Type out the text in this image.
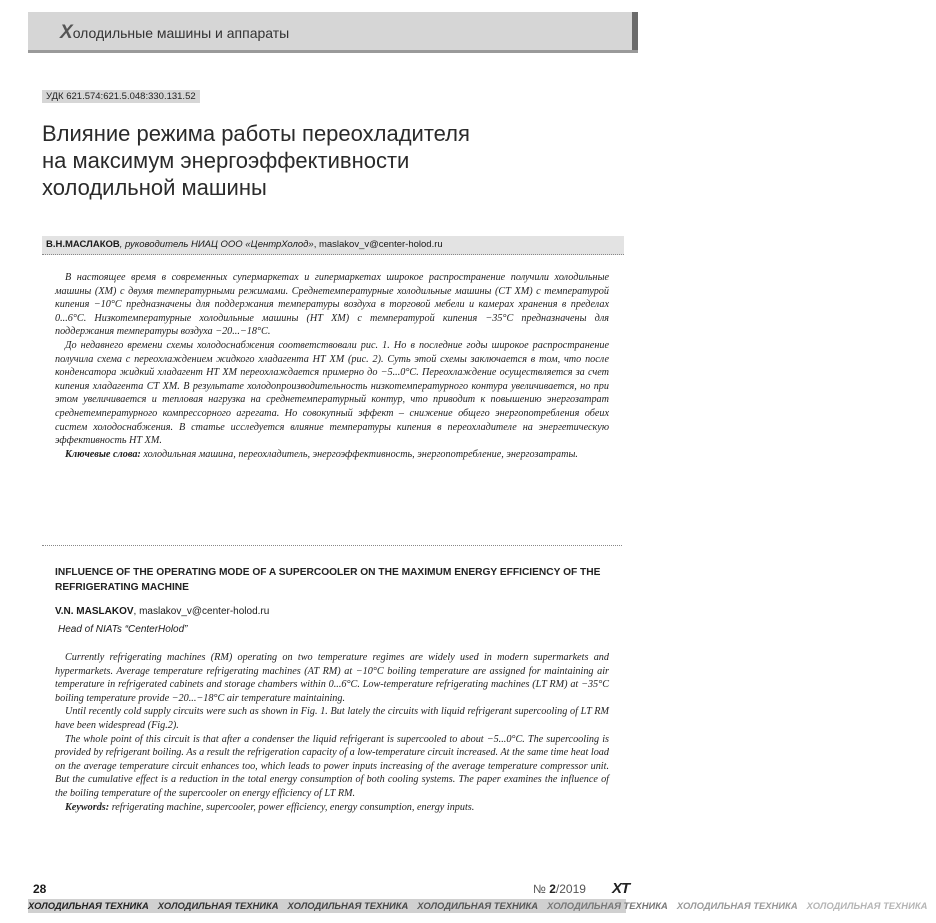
Холодильные машины и аппараты
УДК 621.574:621.5.048:330.131.52
Влияние режима работы переохладителя
на максимум энергоэффективности
холодильной машины
В.Н.МАСЛАКОВ, руководитель НИАЦ ООО «ЦентрХолод», maslakov_v@center-holod.ru

В настоящее время в современных супермаркетах и гипермаркетах широкое распространение получили холодильные машины (ХМ) с двумя температурными режимами. Среднетемпературные холодильные машины (СТ ХМ) с температурой кипения −10°С предназначены для поддержания температуры воздуха в торговой мебели и камерах хранения в пределах 0...6°С. Низкотемпературные холодильные машины (НТ ХМ) с температурой кипения −35°С предназначены для поддержания температуры воздуха −20...−18°С.

До недавнего времени схемы холодоснабжения соответствовали рис. 1. Но в последние годы широкое распространение получила схема с переохлаждением жидкого хладагента НТ ХМ (рис. 2). Суть этой схемы заключается в том, что после конденсатора жидкий хладагент НТ ХМ переохлаждается примерно до −5...0°С. Переохлаждение осуществляется за счет кипения хладагента СТ ХМ. В результате холодопроизводительность низкотемпературного контура увеличивается, но при этом увеличивается и тепловая нагрузка на среднетемпературный контур, что приводит к повышению энергозатрат среднетемпературного компрессорного агрегата. Но совокупный эффект – снижение общего энергопотребления обеих систем холодоснабжения. В статье исследуется влияние температуры кипения в переохладителе на энергетическую эффективность НТ ХМ.

Ключевые слова: холодильная машина, переохладитель, энергоэффективность, энергопотребление, энергозатраты.

INFLUENCE OF THE OPERATING MODE OF A SUPERCOOLER ON THE MAXIMUM ENERGY EFFICIENCY OF THE REFRIGERATING MACHINE
V.N. MASLAKOV, maslakov_v@center-holod.ru
Head of NIATs “CenterHolod”

Currently refrigerating machines (RM) operating on two temperature regimes are widely used in modern supermarkets and hypermarkets. Average temperature refrigerating machines (AT RM) at −10°C boiling temperature are assigned for maintaining air temperature in refrigerated cabinets and storage chambers within 0...6°C. Low-temperature refrigerating machines (LT RM) at −35°C boiling temperature provide −20...−18°C air temperature maintaining.

Until recently cold supply circuits were such as shown in Fig. 1. But lately the circuits with liquid refrigerant supercooling of LT RM have been widespread (Fig.2).

The whole point of this circuit is that after a condenser the liquid refrigerant is supercooled to about −5...0°C. The supercooling is provided by refrigerant boiling. As a result the refrigeration capacity of a low-temperature circuit increased. At the same time heat load on the average temperature circuit enhances too, which leads to power inputs increasing of the average temperature compressor unit. But the cumulative effect is a reduction in the total energy consumption of both cooling systems. The paper examines the influence of the boiling temperature of the supercooler on energy efficiency of LT RM.

Keywords: refrigerating machine, supercooler, power efficiency, energy consumption, energy inputs.

28	№ 2/2019 ХТ
ХОЛОДИЛЬНАЯ ТЕХНИКА ХОЛОДИЛЬНАЯ ТЕХНИКА ХОЛОДИЛЬНАЯ ТЕХНИКА ХОЛОДИЛЬНАЯ ТЕХНИКА ХОЛОДИЛЬНАЯ ТЕХНИКА ХОЛОДИЛЬНАЯ ТЕХНИКА ХОЛОДИЛЬНАЯ ТЕХНИКА
